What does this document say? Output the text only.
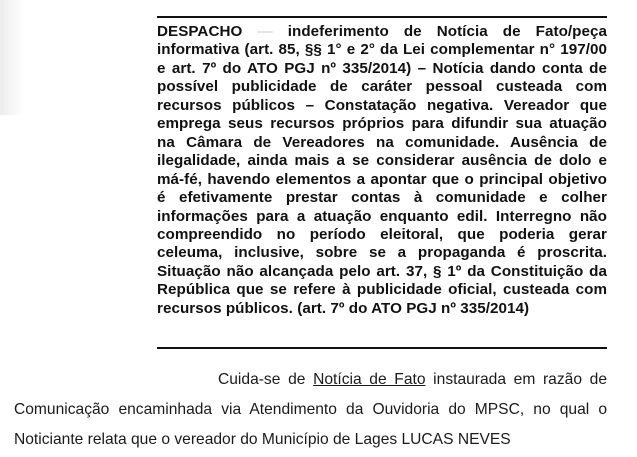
DESPACHO — indeferimento de Notícia de Fato/peça informativa (art. 85, §§ 1° e 2° da Lei complementar n° 197/00 e art. 7º do ATO PGJ nº 335/2014) – Notícia dando conta de possível publicidade de caráter pessoal custeada com recursos públicos – Constatação negativa. Vereador que emprega seus recursos próprios para difundir sua atuação na Câmara de Vereadores na comunidade. Ausência de ilegalidade, ainda mais a se considerar ausência de dolo e má-fé, havendo elementos a apontar que o principal objetivo é efetivamente prestar contas à comunidade e colher informações para a atuação enquanto edil. Interregno não compreendido no período eleitoral, que poderia gerar celeuma, inclusive, sobre se a propaganda é proscrita. Situação não alcançada pelo art. 37, § 1º da Constituição da República que se refere à publicidade oficial, custeada com recursos públicos. (art. 7º do ATO PGJ nº 335/2014)

Cuida-se de Notícia de Fato instaurada em razão de Comunicação encaminhada via Atendimento da Ouvidoria do MPSC, no qual o Noticiante relata que o vereador do Município de Lages LUCAS NEVES
